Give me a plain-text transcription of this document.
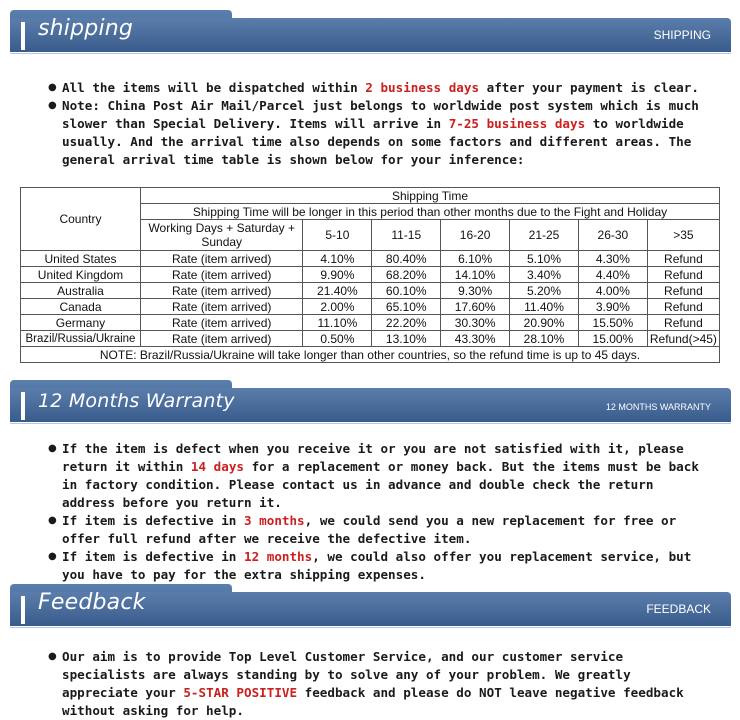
shipping	SHIPPING
● All the items will be dispatched within 2 business days after your payment is clear.
● Note: China Post Air Mail/Parcel just belongs to worldwide post system which is much slower than Special Delivery. Items will arrive in 7-25 business days to worldwide usually. And the arrival time also depends on some factors and different areas. The general arrival time table is shown below for your inference:
Country	Shipping Time						
	Shipping Time will be longer in this period than other months due to the Fight and Holiday						
	Working Days + Saturday + Sunday	5-10	11-15	16-20	21-25	26-30	>35
United States	Rate (item arrived)	4.10%	80.40%	6.10%	5.10%	4.30%	Refund
United Kingdom	Rate (item arrived)	9.90%	68.20%	14.10%	3.40%	4.40%	Refund
Australia	Rate (item arrived)	21.40%	60.10%	9.30%	5.20%	4.00%	Refund
Canada	Rate (item arrived)	2.00%	65.10%	17.60%	11.40%	3.90%	Refund
Germany	Rate (item arrived)	11.10%	22.20%	30.30%	20.90%	15.50%	Refund
Brazil/Russia/Ukraine	Rate (item arrived)	0.50%	13.10%	43.30%	28.10%	15.00%	Refund(>45)
NOTE: Brazil/Russia/Ukraine will take longer than other countries, so the refund time is up to 45 days.							
12 Months Warranty	12 MONTHS WARRANTY
● If the item is defect when you receive it or you are not satisfied with it, please return it within 14 days for a replacement or money back. But the items must be back in factory condition. Please contact us in advance and double check the return address before you return it.
● If item is defective in 3 months, we could send you a new replacement for free or offer full refund after we receive the defective item.
● If item is defective in 12 months, we could also offer you replacement service, but you have to pay for the extra shipping expenses.
Feedback	FEEDBACK
● Our aim is to provide Top Level Customer Service, and our customer service specialists are always standing by to solve any of your problem. We greatly appreciate your 5-STAR POSITIVE feedback and please do NOT leave negative feedback without asking for help.
